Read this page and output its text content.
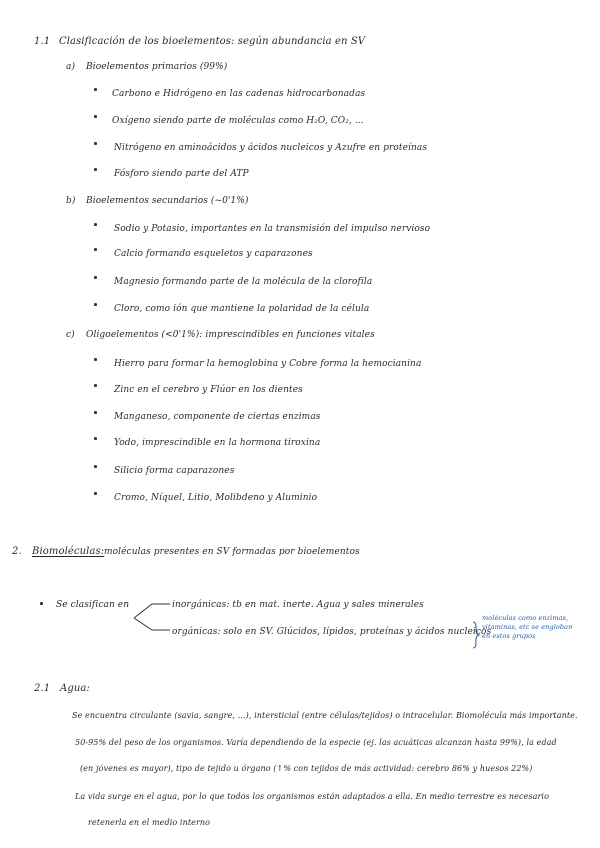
1.1 Clasificación de los bioelementos: según abundancia en SV
a) Bioelementos primarios (99%)
Carbono e Hidrógeno en las cadenas hidrocarbonadas
Oxígeno siendo parte de moléculas como H₂O, CO₂, ...
Nitrógeno en aminoácidos y ácidos nucleicos y Azufre en proteínas
Fósforo siendo parte del ATP
b) Bioelementos secundarios (~0'1%)
Sodio y Potasio, importantes en la transmisión del impulso nervioso
Calcio formando esqueletos y caparazones
Magnesio formando parte de la molécula de la clorofila
Cloro, como ión que mantiene la polaridad de la célula
c) Oligoelementos (<0'1%): imprescindibles en funciones vitales
Hierro para formar la hemoglobina y Cobre forma la hemocianina
Zinc en el cerebro y Flúor en los dientes
Manganeso, componente de ciertas enzimas
Yodo, imprescindible en la hormona tiroxina
Silicio forma caparazones
Cromo, Níquel, Litio, Molibdeno y Aluminio
2. Biomoléculas: moléculas presentes en SV formadas por bioelementos
Se clasifican en	inorgánicas: tb en mat. inerte. Agua y sales minerales
orgánicas: solo en SV. Glúcidos, lípidos, proteínas y ácidos nucleicos
moléculas como enzimas,
vitaminas, etc se engloban
en estos grupos
2.1 Agua:
Se encuentra circulante (savia, sangre, ...), intersticial (entre células/tejidos) o intracelular. Biomolécula más importante.
50-95% del peso de los organismos. Varía dependiendo de la especie (ej. las acuáticas alcanzan hasta 99%), la edad
(en jóvenes es mayor), tipo de tejido u órgano (↑% con tejidos de más actividad: cerebro 86% y huesos 22%)
La vida surge en el agua, por lo que todos los organismos están adaptados a ella. En medio terrestre es necesario
retenerla en el medio interno
